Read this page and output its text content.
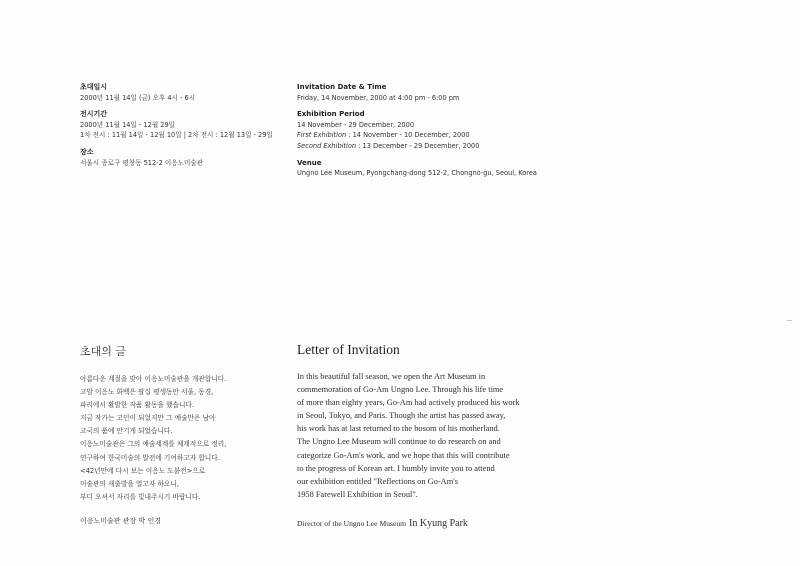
초대일시
2000년 11월 14일 (금) 오후 4시 - 6시
전시기간
2000년 11월 14일 - 12월 29일
1차 전시 : 11월 14일 - 12월 10일 | 2차 전시 : 12월 13일 - 29일
장소
서울시 종로구 평창동 512-2 이응노미술관
Invitation Date & Time
Friday, 14 November, 2000 at 4:00 pm - 6:00 pm
Exhibition Period
14 November - 29 December, 2000
First Exhibition : 14 November - 10 December, 2000
Second Exhibition : 13 December - 29 December, 2000
Venue
Ungno Lee Museum, Pyongchang-dong 512-2, Chongno-gu, Seoul, Korea
초대의 글
아름다운 계절을 맞아 이응노미술관을 개관합니다.
고암 이응노 화백은 팔십 평생동안 서울, 동경,
파리에서 활발한 작품 활동을 했습니다.
지금 작가는 고인이 되었지만 그 예술만은 남아
고국의 품에 안기게 되었습니다.
이응노미술관은 그의 예술세계를 체계적으로 정리,
연구하여 한국미술의 발전에 기여하고자 합니다.
<42년만에 다시 보는 이응노 도불전>으로
미술관의 새출발을 열고자 하오니,
부디 오셔서 자리를 빛내주시기 바랍니다.
이응노미술관 관장 박 인경
Letter of Invitation
In this beautiful fall season, we open the Art Museum in
commemoration of Go-Am Ungno Lee. Through his life time
of more than eighty years, Go-Am had actively produced his work
in Seoul, Tokyo, and Paris. Though the artist has passed away,
his work has at last returned to the bosom of his motherland.
The Ungno Lee Museum will continue to do research on and
categorize Go-Am's work, and we hope that this will contribute
to the progress of Korean art. I humbly invite you to attend
our exhibition entitled "Reflections on Go-Am's
1958 Farewell Exhibition in Seoul".
Director of the Ungno Lee Museum In Kyung Park
